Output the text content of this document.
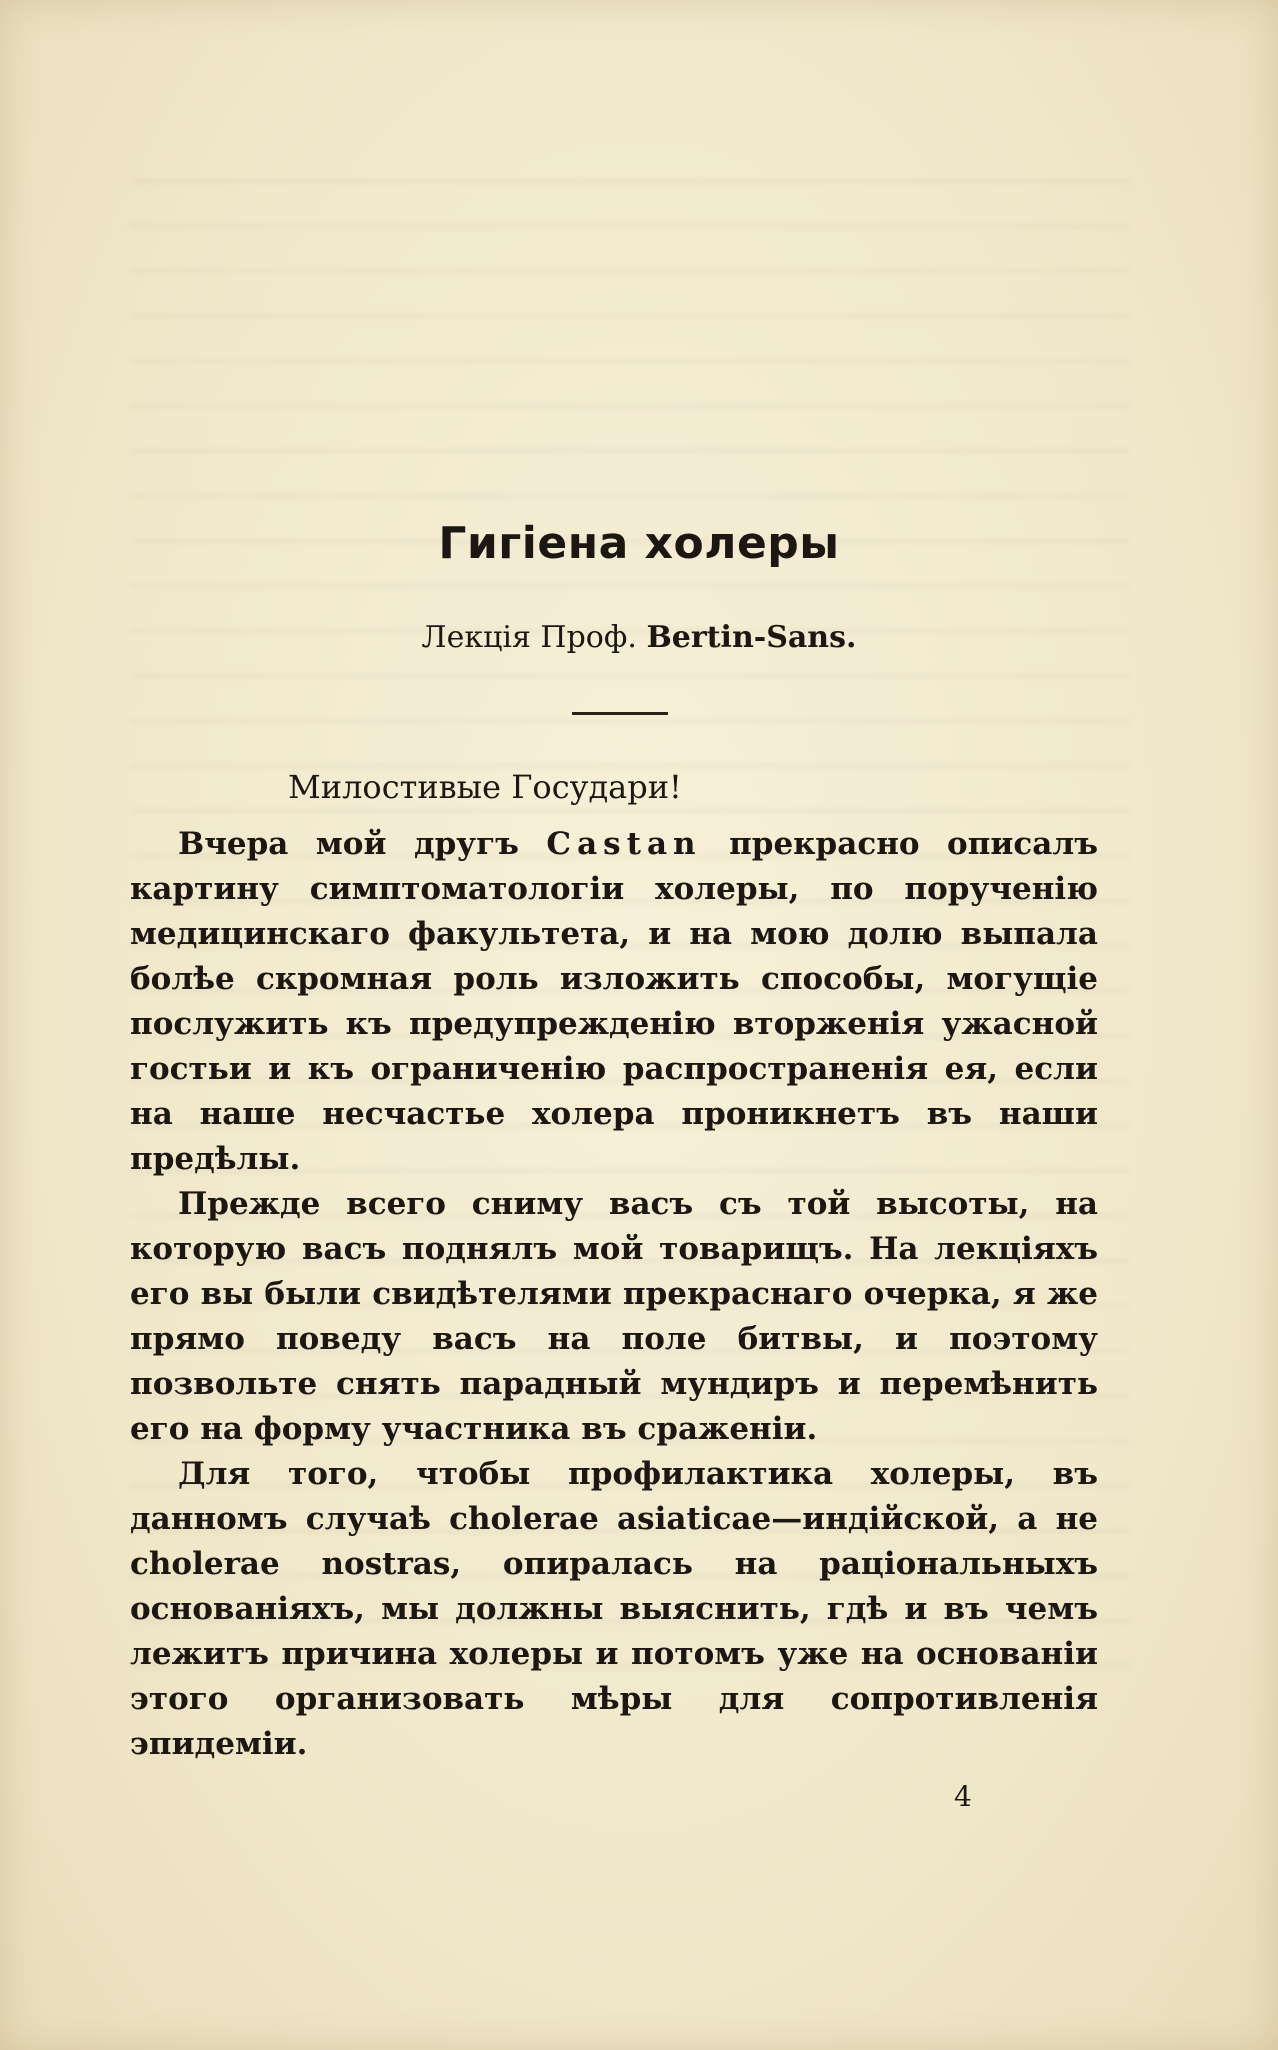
Гигіена холеры
Лекція Проф. Bertin-Sans.
Милостивые Государи!

Вчера мой другъ Castan прекрасно описалъ картину симптоматологіи холеры, по порученію медицинскаго факультета, и на мою долю выпала болѣе скромная роль изложить способы, могущіе послужить къ предупрежденію вторженія ужасной гостьи и къ ограниченію распространенія ея, если на наше несчастье холера проникнетъ въ наши предѣлы.

Прежде всего сниму васъ съ той высоты, на которую васъ поднялъ мой товарищъ. На лекціяхъ его вы были свидѣтелями прекраснаго очерка, я же прямо поведу васъ на поле битвы, и поэтому позвольте снять парадный мундиръ и перемѣнить его на форму участника въ сраженіи.

Для того, чтобы профилактика холеры, въ данномъ случаѣ cholerae asiaticae—индійской, а не cholerae nostras, опиралась на раціональныхъ основаніяхъ, мы должны выяснить, гдѣ и въ чемъ лежитъ причина холеры и потомъ уже на основаніи этого организовать мѣры для сопротивленія эпидеміи.

4
